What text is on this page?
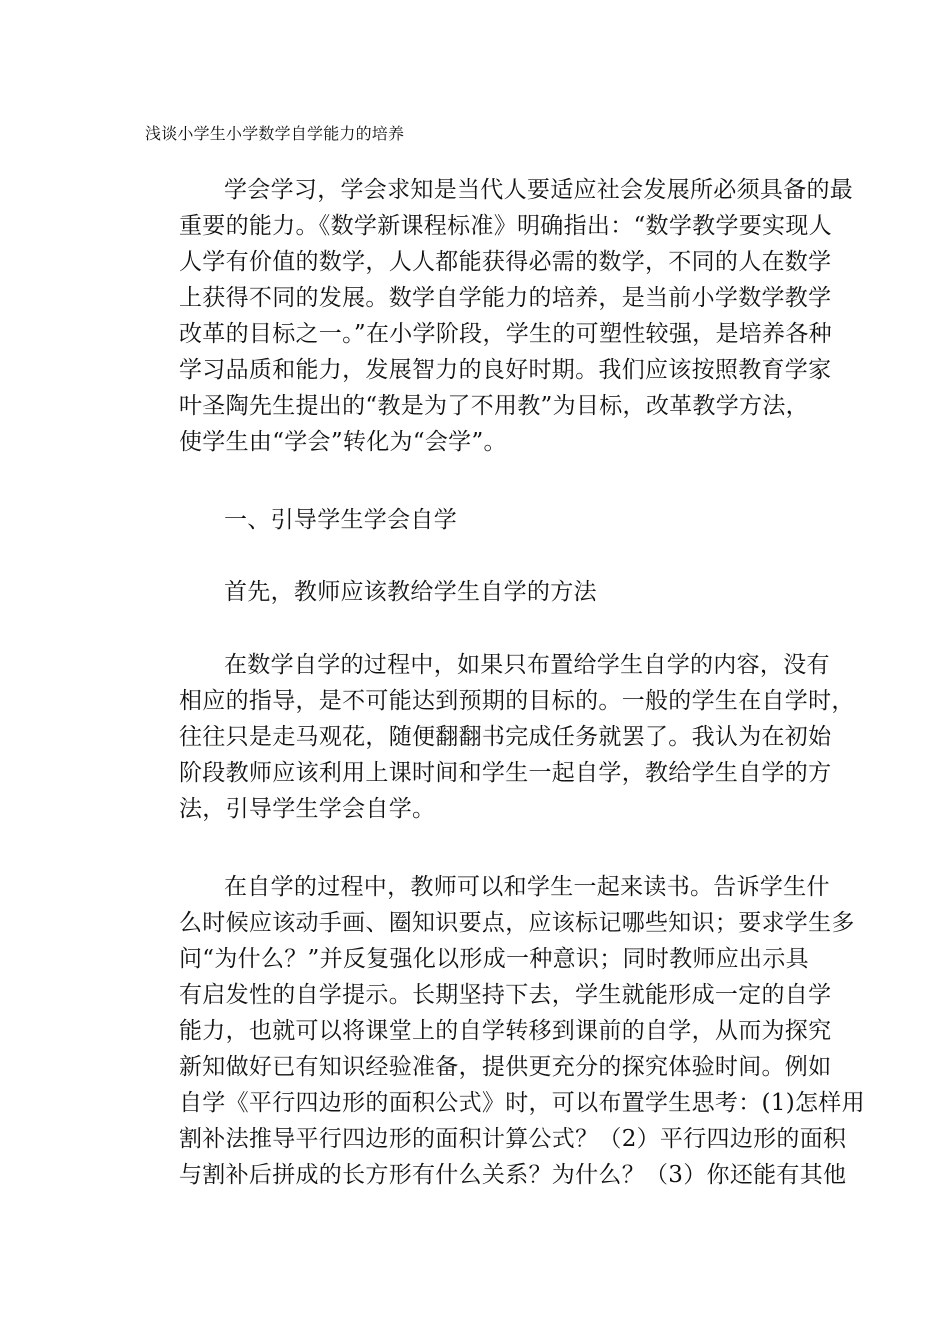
浅谈小学生小学数学自学能力的培养
学会学习，学会求知是当代人要适应社会发展所必须具备的最
重要的能力。《数学新课程标准》明确指出：“数学教学要实现人
人学有价值的数学，人人都能获得必需的数学，不同的人在数学
上获得不同的发展。数学自学能力的培养，是当前小学数学教学
改革的目标之一。”在小学阶段，学生的可塑性较强，是培养各种
学习品质和能力，发展智力的良好时期。我们应该按照教育学家
叶圣陶先生提出的“教是为了不用教”为目标，改革教学方法，
使学生由“学会”转化为“会学”。
一、引导学生学会自学
首先，教师应该教给学生自学的方法
在数学自学的过程中，如果只布置给学生自学的内容，没有
相应的指导，是不可能达到预期的目标的。一般的学生在自学时，
往往只是走马观花，随便翻翻书完成任务就罢了。我认为在初始
阶段教师应该利用上课时间和学生一起自学，教给学生自学的方
法，引导学生学会自学。
在自学的过程中，教师可以和学生一起来读书。告诉学生什
么时候应该动手画、圈知识要点，应该标记哪些知识；要求学生多
问“为什么？”并反复强化以形成一种意识；同时教师应出示具
有启发性的自学提示。长期坚持下去，学生就能形成一定的自学
能力，也就可以将课堂上的自学转移到课前的自学，从而为探究
新知做好已有知识经验准备，提供更充分的探究体验时间。例如
自学《平行四边形的面积公式》时，可以布置学生思考：(1)怎样用
割补法推导平行四边形的面积计算公式？（2）平行四边形的面积
与割补后拼成的长方形有什么关系？为什么？（3）你还能有其他
